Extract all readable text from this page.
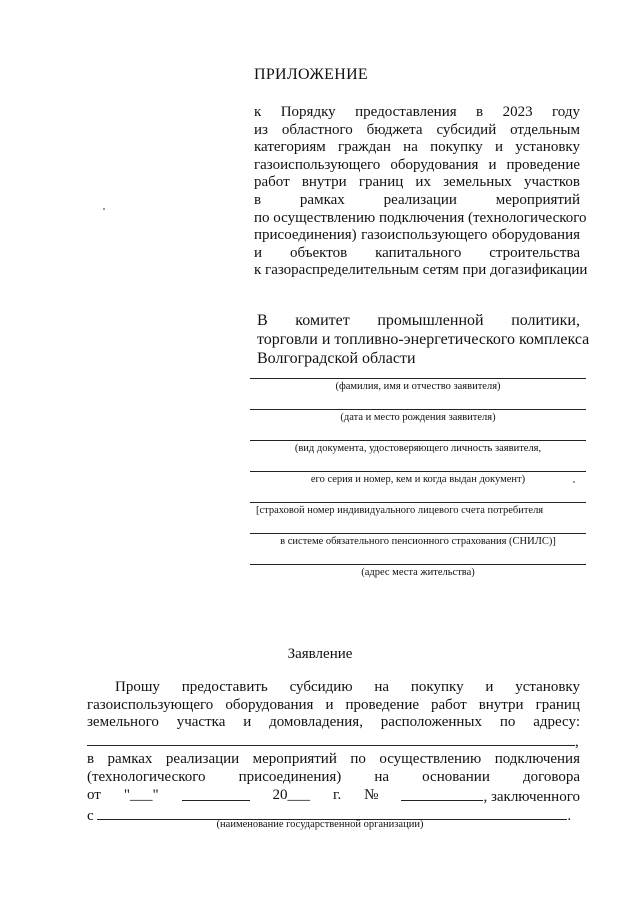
ПРИЛОЖЕНИЕ
к Порядку предоставления в 2023 году
из областного бюджета субсидий отдельным
категориям граждан на покупку и установку
газоиспользующего оборудования и проведение
работ внутри границ их земельных участков
в рамках реализации мероприятий
по осуществлению подключения (технологического
присоединения) газоиспользующего оборудования
и объектов капитального строительства
к газораспределительным сетям при догазификации
В комитет промышленной политики,
торговли и топливно-энергетического комплекса
Волгоградской области
(фамилия, имя и отчество заявителя)
(дата и место рождения заявителя)
(вид документа, удостоверяющего личность заявителя,
его серия и номер, кем и когда выдан документ)
[страховой номер индивидуального лицевого счета потребителя
в системе обязательного пенсионного страхования (СНИЛС)]
(адрес места жительства)
Заявление
Прошу предоставить субсидию на покупку и установку
газоиспользующего оборудования и проведение работ внутри границ
земельного участка и домовладения, расположенных по адресу:
,
в рамках реализации мероприятий по осуществлению подключения
(технологического присоединения) на основании договора
от "___"	20___ г. №	, заключенного
с	.
(наименование государственной организации)
